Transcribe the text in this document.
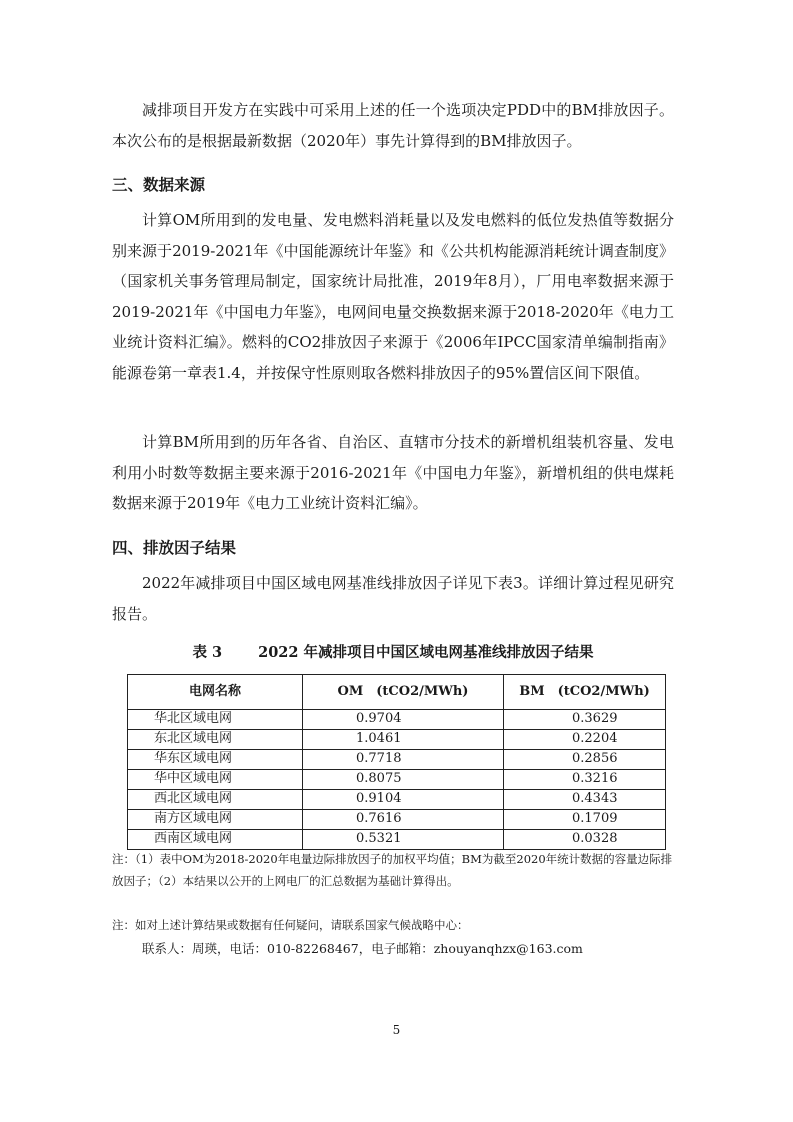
减排项目开发方在实践中可采用上述的任一个选项决定PDD中的BM排放因子。本次公布的是根据最新数据（2020年）事先计算得到的BM排放因子。

三、数据来源

计算OM所用到的发电量、发电燃料消耗量以及发电燃料的低位发热值等数据分别来源于2019-2021年《中国能源统计年鉴》和《公共机构能源消耗统计调查制度》（国家机关事务管理局制定，国家统计局批准，2019年8月），厂用电率数据来源于2019-2021年《中国电力年鉴》，电网间电量交换数据来源于2018-2020年《电力工业统计资料汇编》。燃料的CO2排放因子来源于《2006年IPCC国家清单编制指南》能源卷第一章表1.4，并按保守性原则取各燃料排放因子的95%置信区间下限值。

计算BM所用到的历年各省、自治区、直辖市分技术的新增机组装机容量、发电利用小时数等数据主要来源于2016-2021年《中国电力年鉴》，新增机组的供电煤耗数据来源于2019年《电力工业统计资料汇编》。

四、排放因子结果

2022年减排项目中国区域电网基准线排放因子详见下表3。详细计算过程见研究报告。

表 3 2022 年减排项目中国区域电网基准线排放因子结果

电网名称	OM　(tCO2/MWh)	BM　(tCO2/MWh)
华北区域电网	0.9704	0.3629
东北区域电网	1.0461	0.2204
华东区域电网	0.7718	0.2856
华中区域电网	0.8075	0.3216
西北区域电网	0.9104	0.4343
南方区域电网	0.7616	0.1709
西南区域电网	0.5321	0.0328

注：（1）表中OM为2018-2020年电量边际排放因子的加权平均值；BM为截至2020年统计数据的容量边际排放因子；（2）本结果以公开的上网电厂的汇总数据为基础计算得出。

注：如对上述计算结果或数据有任何疑问，请联系国家气候战略中心：

联系人：周瑛，电话：010-82268467，电子邮箱：zhouyanqhzx@163.com

5
